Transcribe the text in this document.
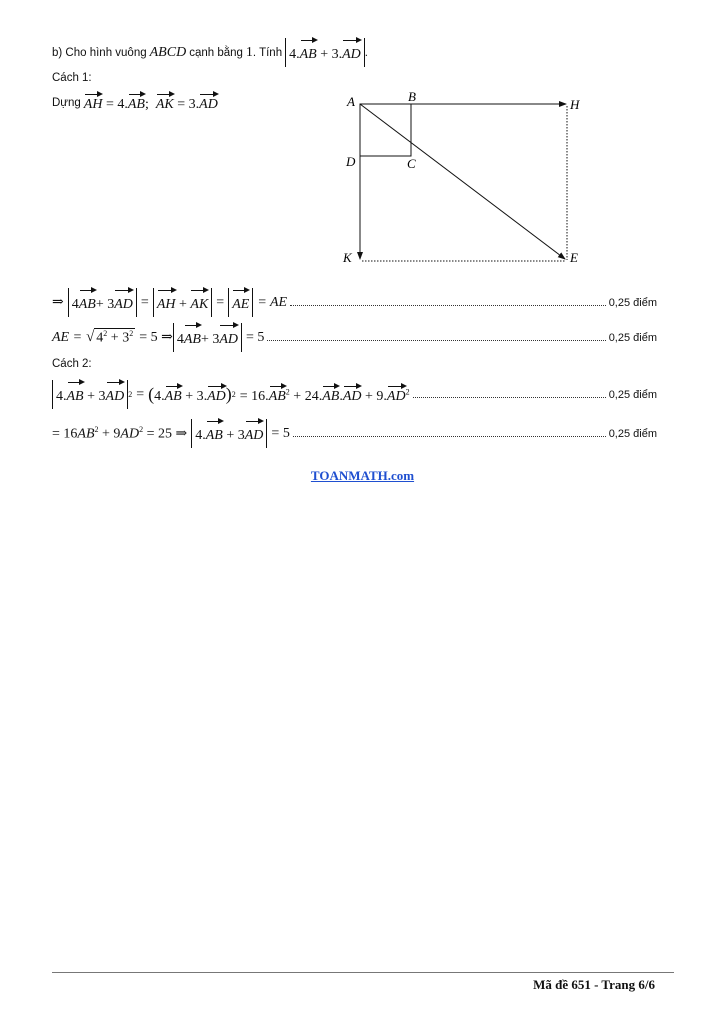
b) Cho hình vuông
ABCD
cạnh bằng
1 . Tính
4.AB + 3.AD .
Cách 1:
Dựng
AH = 4.AB; AK = 3.AD	A	B
H
D	C
K	E
⇒
4AB+ 3AD
=
AH + AK
=
AE
= AE	0,25 điểm
AE =
√ $4^2 + 3^2$
= 5 ⇒ 4AB+ 3AD
= 5	0,25 điểm
Cách 2:
4.AB + 3AD 2
=
( 4.AB + 3.AD ) 2
= $16.AB^2 + 24.AB.AD + 9.AD^2$	0,25 điểm
= $16AB^2 + 9AD^2 = 25$ ⇒
4.AB + 3AD
= 5	0,25 điểm
TOANMATH.com
Mã đề 651 - Trang 6/6
